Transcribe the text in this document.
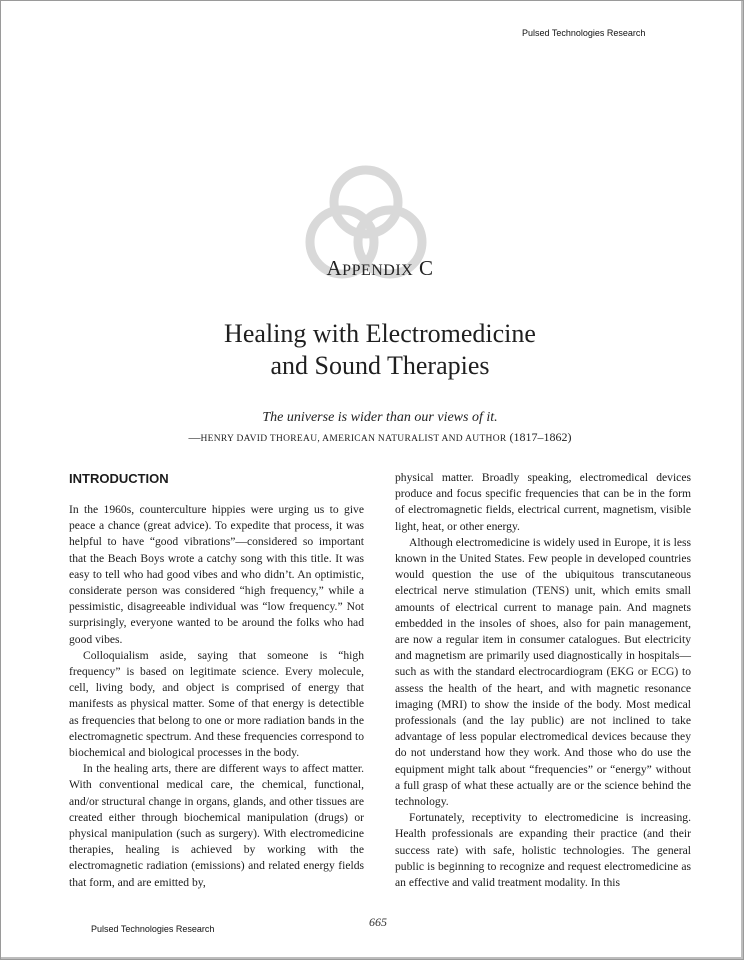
Pulsed Technologies Research
APPENDIX C
Healing with Electromedicine
and Sound Therapies
The universe is wider than our views of it.
—HENRY DAVID THOREAU, AMERICAN NATURALIST AND AUTHOR (1817–1862)
INTRODUCTION

In the 1960s, counterculture hippies were urging us to give peace a chance (great advice). To expedite that process, it was helpful to have “good vibrations”—considered so important that the Beach Boys wrote a catchy song with this title. It was easy to tell who had good vibes and who didn’t. An optimistic, considerate person was considered “high frequency,” while a pessimistic, disagreeable individual was “low frequency.” Not surprisingly, everyone wanted to be around the folks who had good vibes.

Colloquialism aside, saying that someone is “high frequency” is based on legitimate science. Every molecule, cell, living body, and object is comprised of energy that manifests as physical matter. Some of that energy is detectible as frequencies that belong to one or more radiation bands in the electromagnetic spectrum. And these frequencies correspond to biochemical and biological processes in the body.

In the healing arts, there are different ways to affect matter. With conventional medical care, the chemical, functional, and/or structural change in organs, glands, and other tissues are created either through biochemical manipulation (drugs) or physical manipulation (such as surgery). With electromedicine therapies, healing is achieved by working with the electromagnetic radiation (emissions) and related energy fields that form, and are emitted by,

physical matter. Broadly speaking, electromedical devices produce and focus specific frequencies that can be in the form of electromagnetic fields, electrical current, magnetism, visible light, heat, or other energy.

Although electromedicine is widely used in Europe, it is less known in the United States. Few people in developed countries would question the use of the ubiquitous transcutaneous electrical nerve stimulation (TENS) unit, which emits small amounts of electrical current to manage pain. And magnets embedded in the insoles of shoes, also for pain management, are now a regular item in consumer catalogues. But electricity and magnetism are primarily used diagnostically in hospitals—such as with the standard electrocardiogram (EKG or ECG) to assess the health of the heart, and with magnetic resonance imaging (MRI) to show the inside of the body. Most medical professionals (and the lay public) are not inclined to take advantage of less popular electromedical devices because they do not understand how they work. And those who do use the equipment might talk about “frequencies” or “energy” without a full grasp of what these actually are or the science behind the technology.

Fortunately, receptivity to electromedicine is increasing. Health professionals are expanding their practice (and their success rate) with safe, holistic technologies. The general public is beginning to recognize and request electromedicine as an effective and valid treatment modality. In this

665
Pulsed Technologies Research
